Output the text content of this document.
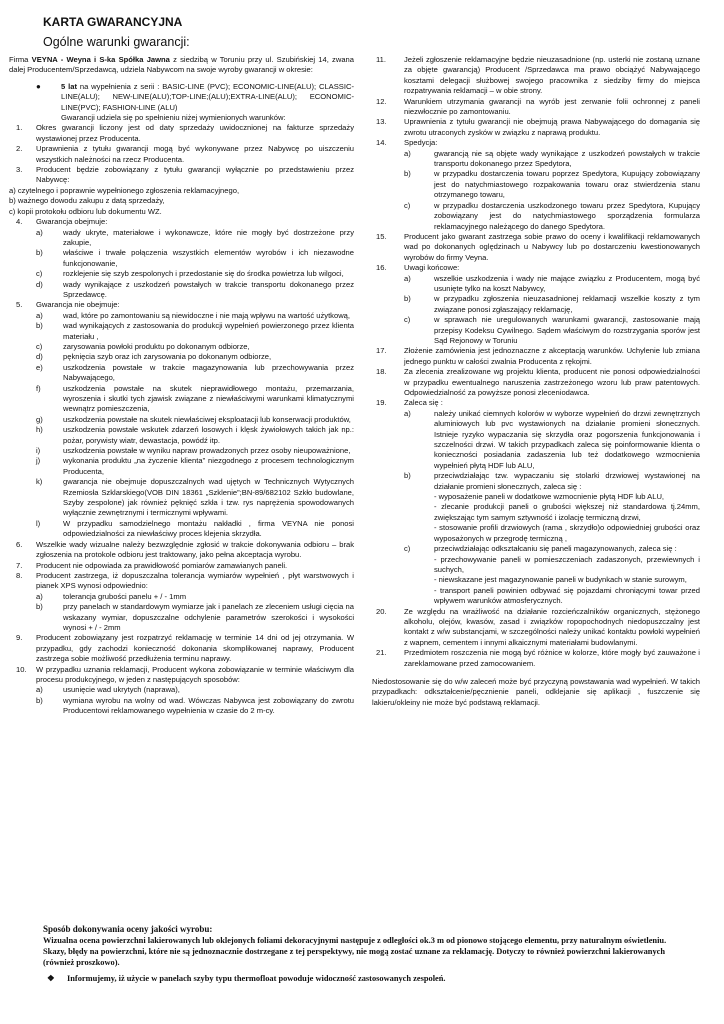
KARTA GWARANCYJNA
Ogólne warunki gwarancji:

Firma VEYNA - Weyna i S-ka Spółka Jawna z siedzibą w Toruniu przy ul. Szubińskiej 14, zwana dalej Producentem/Sprzedawcą, udziela Nabywcom na swoje wyroby gwarancji w okresie:

●	5 lat na wypełnienia z serii : BASIC-LINE (PVC); ECONOMIC-LINE(ALU); CLASSIC-LINE(ALU); NEW-LINE(ALU);TOP-LINE;(ALU);EXTRA-LINE(ALU); ECONOMIC-LINE(PVC); FASHION-LINE (ALU)
Gwarancji udziela się po spełnieniu niżej wymienionych warunków:
1. Okres gwarancji liczony jest od daty sprzedaży uwidocznionej na fakturze sprzedaży wystawionej przez Producenta.
2. Uprawnienia z tytułu gwarancji mogą być wykonywane przez Nabywcę po uiszczeniu wszystkich należności na rzecz Producenta.
3. Producent będzie zobowiązany z tytułu gwarancji wyłącznie po przedstawieniu przez Nabywcę:
a) czytelnego i poprawnie wypełnionego zgłoszenia reklamacyjnego,
b) ważnego dowodu zakupu z datą sprzedaży,
c) kopii protokołu odbioru lub dokumentu WZ.
4. Gwarancja obejmuje:
a)	wady ukryte, materiałowe i wykonawcze, które nie mogły być dostrzeżone przy zakupie,
b)	właściwe i trwałe połączenia wszystkich elementów wyrobów i ich niezawodne funkcjonowanie,
c)	rozklejenie się szyb zespolonych i przedostanie się do środka powietrza lub wilgoci,
d)	wady wynikające z uszkodzeń powstałych w trakcie transportu dokonanego przez Sprzedawcę.
5. Gwarancja nie obejmuje:
a)	wad, które po zamontowaniu są niewidoczne i nie mają wpływu na wartość użytkową,
b)	wad wynikających z zastosowania do produkcji wypełnień powierzonego przez klienta materiału ,
c)	zarysowania powłoki produktu po dokonanym odbiorze,
d)	pęknięcia szyb oraz ich zarysowania po dokonanym odbiorze,
e)	uszkodzenia powstałe w trakcie magazynowania lub przechowywania przez Nabywającego,
f)	uszkodzenia powstałe na skutek nieprawidłowego montażu, przemarzania, wyroszenia i skutki tych zjawisk związane z niewłaściwymi warunkami klimatycznymi wewnątrz pomieszczenia,
g)	uszkodzenia powstałe na skutek niewłaściwej eksploatacji lub konserwacji produktów,
h)	uszkodzenia powstałe wskutek zdarzeń losowych i klęsk żywiołowych takich jak np.: pożar, porywisty wiatr, dewastacja, powódź itp.
i)	uszkodzenia powstałe w wyniku napraw prowadzonych przez osoby nieupoważnione,
j)	wykonania produktu „na życzenie klienta” niezgodnego z procesem technologicznym Producenta,
k)	gwarancja nie obejmuje dopuszczalnych wad ujętych w Technicznych Wytycznych Rzemiosła Szklarskiego(VOB DIN 18361 „Szklenie”;BN-89/682102 Szkło budowlane, Szyby zespolone) jak również pęknięć szkła i tzw. rys naprężenia spowodowanych wyłącznie zewnętrznymi i termicznymi wpływami.
l)	W przypadku samodzielnego montażu nakładki , firma VEYNA nie ponosi odpowiedzialności za niewłaściwy proces klejenia skrzydła.
6. Wszelkie wady wizualne należy bezwzględnie zgłosić w trakcie dokonywania odbioru – brak zgłoszenia na protokole odbioru jest traktowany, jako pełna akceptacja wyrobu.
7. Producent nie odpowiada za prawidłowość pomiarów zamawianych paneli.
8. Producent zastrzega, iż dopuszczalna tolerancja wymiarów wypełnień , płyt warstwowych i pianek XPS wynosi odpowiednio:
a)	tolerancja grubości panelu + / - 1mm
b)	przy panelach w standardowym wymiarze jak i panelach ze zleceniem usługi cięcia na wskazany wymiar, dopuszczalne odchylenie parametrów szerokości i wysokości wynosi + / - 2mm
9. Producent zobowiązany jest rozpatrzyć reklamację w terminie 14 dni od jej otrzymania. W przypadku, gdy zachodzi konieczność dokonania skomplikowanej naprawy, Producent zastrzega sobie możliwość przedłużenia terminu naprawy.
10. W przypadku uznania reklamacji, Producent wykona zobowiązanie w terminie właściwym dla procesu produkcyjnego, w jeden z następujących sposobów:
a)	usunięcie wad ukrytych (naprawa),
b)	wymiana wyrobu na wolny od wad. Wówczas Nabywca jest zobowiązany do zwrotu Producentowi reklamowanego wypełnienia w czasie do 2 m-cy.
11. Jeżeli zgłoszenie reklamacyjne będzie nieuzasadnione (np. usterki nie zostaną uznane za objęte gwarancją) Producent /Sprzedawca ma prawo obciążyć Nabywającego kosztami delegacji służbowej swojego pracownika z siedziby firmy do miejsca rozpatrywania reklamacji – w obie strony.
12. Warunkiem utrzymania gwarancji na wyrób jest zerwanie folii ochronnej z paneli niezwłocznie po zamontowaniu.
13. Uprawnienia z tytułu gwarancji nie obejmują prawa Nabywającego do domagania się zwrotu utraconych zysków w związku z naprawą produktu.
14. Spedycja:
a)	gwarancją nie są objęte wady wynikające z uszkodzeń powstałych w trakcie transportu dokonanego przez Spedytora,
b)	w przypadku dostarczenia towaru poprzez Spedytora, Kupujący zobowiązany jest do natychmiastowego rozpakowania towaru oraz stwierdzenia stanu otrzymanego towaru,
c)	w przypadku dostarczenia uszkodzonego towaru przez Spedytora, Kupujący zobowiązany jest do natychmiastowego sporządzenia formularza reklamacyjnego należącego do danego Spedytora.
15. Producent jako gwarant zastrzega sobie prawo do oceny i kwalifikacji reklamowanych wad po dokonanych oględzinach u Nabywcy lub po dostarczeniu kwestionowanych wyrobów do firmy Veyna.
16. Uwagi końcowe:
a)	wszelkie uszkodzenia i wady nie mające związku z Producentem, mogą być usunięte tylko na koszt Nabywcy,
b)	w przypadku zgłoszenia nieuzasadnionej reklamacji wszelkie koszty z tym związane ponosi zgłaszający reklamację,
c)	w sprawach nie uregulowanych warunkami gwarancji, zastosowanie mają przepisy Kodeksu Cywilnego. Sądem właściwym do rozstrzygania sporów jest Sąd Rejonowy w Toruniu
17. Złożenie zamówienia jest jednoznaczne z akceptacją warunków. Uchylenie lub zmiana jednego punktu w całości zwalnia Producenta z rękojmi.
18. Za zlecenia zrealizowane wg projektu klienta, producent nie ponosi odpowiedzialności w przypadku ewentualnego naruszenia zastrzeżonego wzoru lub praw patentowych. Odpowiedzialność za powyższe ponosi zleceniodawca.
19. Zaleca się :
a)	należy unikać ciemnych kolorów w wyborze wypełnień do drzwi zewnętrznych aluminiowych lub pvc wystawionych na działanie promieni słonecznych. Istnieje ryzyko wypaczania się skrzydła oraz pogorszenia funkcjonowania i szczelności drzwi. W takich przypadkach zaleca się poinformowanie klienta o konieczności posiadania zadaszenia lub też dodatkowego wzmocnienia wypełnień płytą HDF lub ALU,
b)	przeciwdziałając tzw. wypaczaniu się stolarki drzwiowej wystawionej na działanie promieni słonecznych, zaleca się :
- wyposażenie paneli w dodatkowe wzmocnienie płytą HDF lub ALU,
- zlecanie produkcji paneli o grubości większej niż standardowa tj.24mm, zwiększając tym samym sztywność i izolację termiczną drzwi,
- stosowanie profili drzwiowych (rama , skrzydło)o odpowiedniej grubości oraz wyposażonych w przegrodę termiczną ,
c)	przeciwdziałając odkształcaniu się paneli magazynowanych, zaleca się :
- przechowywanie paneli w pomieszczeniach zadaszonych, przewiewnych i suchych,
- niewskazane jest magazynowanie paneli w budynkach w stanie surowym,
- transport paneli powinien odbywać się pojazdami chroniącymi towar przed wpływem warunków atmosferycznych.
20. Ze względu na wrażliwość na działanie rozcieńczalników organicznych, stężonego alkoholu, olejów, kwasów, zasad i związków ropopochodnych niedopuszczalny jest kontakt z w/w substancjami, w szczególności należy unikać kontaktu powłoki wypełnień z wapnem, cementem i innymi alkaicznymi materiałami budowlanymi.
21. Przedmiotem roszczenia nie mogą być różnice w kolorze, które mogły być zauważone i zareklamowane przed zamocowaniem.

Niedostosowanie się do w/w zaleceń może być przyczyną powstawania wad wypełnień. W takich przypadkach: odkształcenie/pęcznienie paneli, odklejanie się aplikacji , fuszczenie się lakieru/okleiny nie może być podstawą reklamacji.

Sposób dokonywania oceny jakości wyrobu:
Wizualna ocena powierzchni lakierowanych lub oklejonych foliami dekoracyjnymi następuje z odległości ok.3 m od pionowo stojącego elementu, przy naturalnym oświetleniu. Skazy, błędy na powierzchni, które nie są jednoznacznie dostrzegane z tej perspektywy, nie mogą zostać uznane za reklamację. Dotyczy to również powierzchni lakierowanych (również proszkowo).
❖ Informujemy, iż użycie w panelach szyby typu thermofloat powoduje widoczność zastosowanych zespoleń.
